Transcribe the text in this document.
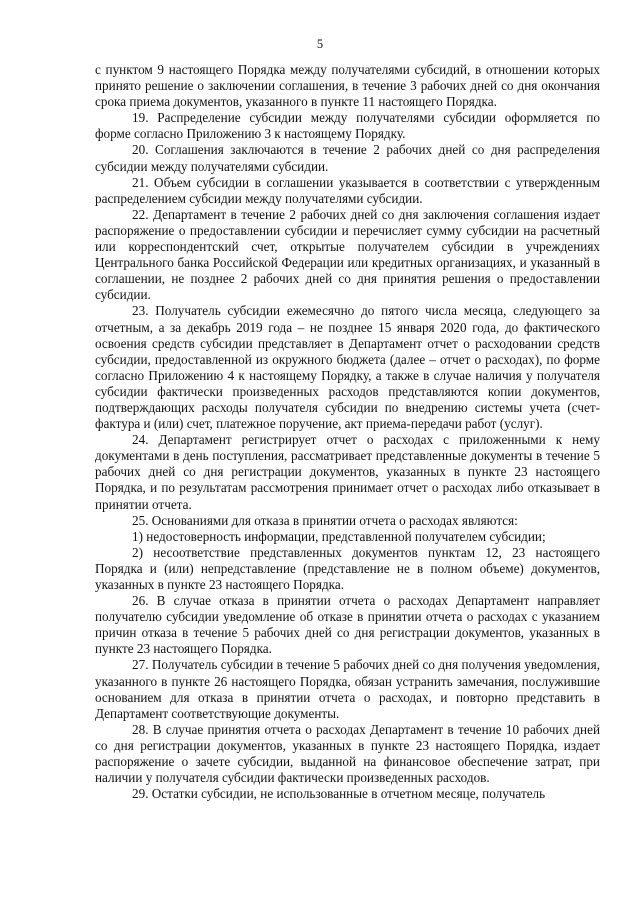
5

с пунктом 9 настоящего Порядка между получателями субсидий, в отношении которых принято решение о заключении соглашения, в течение 3 рабочих дней со дня окончания срока приема документов, указанного в пункте 11 настоящего Порядка.

19. Распределение субсидии между получателями субсидии оформляется по форме согласно Приложению 3 к настоящему Порядку.

20. Соглашения заключаются в течение 2 рабочих дней со дня распределения субсидии между получателями субсидии.

21. Объем субсидии в соглашении указывается в соответствии с утвержденным распределением субсидии между получателями субсидии.

22. Департамент в течение 2 рабочих дней со дня заключения соглашения издает распоряжение о предоставлении субсидии и перечисляет сумму субсидии на расчетный или корреспондентский счет, открытые получателем субсидии в учреждениях Центрального банка Российской Федерации или кредитных организациях, и указанный в соглашении, не позднее 2 рабочих дней со дня принятия решения о предоставлении субсидии.

23. Получатель субсидии ежемесячно до пятого числа месяца, следующего за отчетным, а за декабрь 2019 года – не позднее 15 января 2020 года, до фактического освоения средств субсидии представляет в Департамент отчет о расходовании средств субсидии, предоставленной из окружного бюджета (далее – отчет о расходах), по форме согласно Приложению 4 к настоящему Порядку, а также в случае наличия у получателя субсидии фактически произведенных расходов представляются копии документов, подтверждающих расходы получателя субсидии по внедрению системы учета (счет-фактура и (или) счет, платежное поручение, акт приема-передачи работ (услуг).

24. Департамент регистрирует отчет о расходах с приложенными к нему документами в день поступления, рассматривает представленные документы в течение 5 рабочих дней со дня регистрации документов, указанных в пункте 23 настоящего Порядка, и по результатам рассмотрения принимает отчет о расходах либо отказывает в принятии отчета.

25. Основаниями для отказа в принятии отчета о расходах являются:

1) недостоверность информации, представленной получателем субсидии;

2) несоответствие представленных документов пунктам 12, 23 настоящего Порядка и (или) непредставление (представление не в полном объеме) документов, указанных в пункте 23 настоящего Порядка.

26. В случае отказа в принятии отчета о расходах Департамент направляет получателю субсидии уведомление об отказе в принятии отчета о расходах с указанием причин отказа в течение 5 рабочих дней со дня регистрации документов, указанных в пункте 23 настоящего Порядка.

27. Получатель субсидии в течение 5 рабочих дней со дня получения уведомления, указанного в пункте 26 настоящего Порядка, обязан устранить замечания, послужившие основанием для отказа в принятии отчета о расходах, и повторно представить в Департамент соответствующие документы.

28. В случае принятия отчета о расходах Департамент в течение 10 рабочих дней со дня регистрации документов, указанных в пункте 23 настоящего Порядка, издает распоряжение о зачете субсидии, выданной на финансовое обеспечение затрат, при наличии у получателя субсидии фактически произведенных расходов.

29. Остатки субсидии, не использованные в отчетном месяце, получатель
